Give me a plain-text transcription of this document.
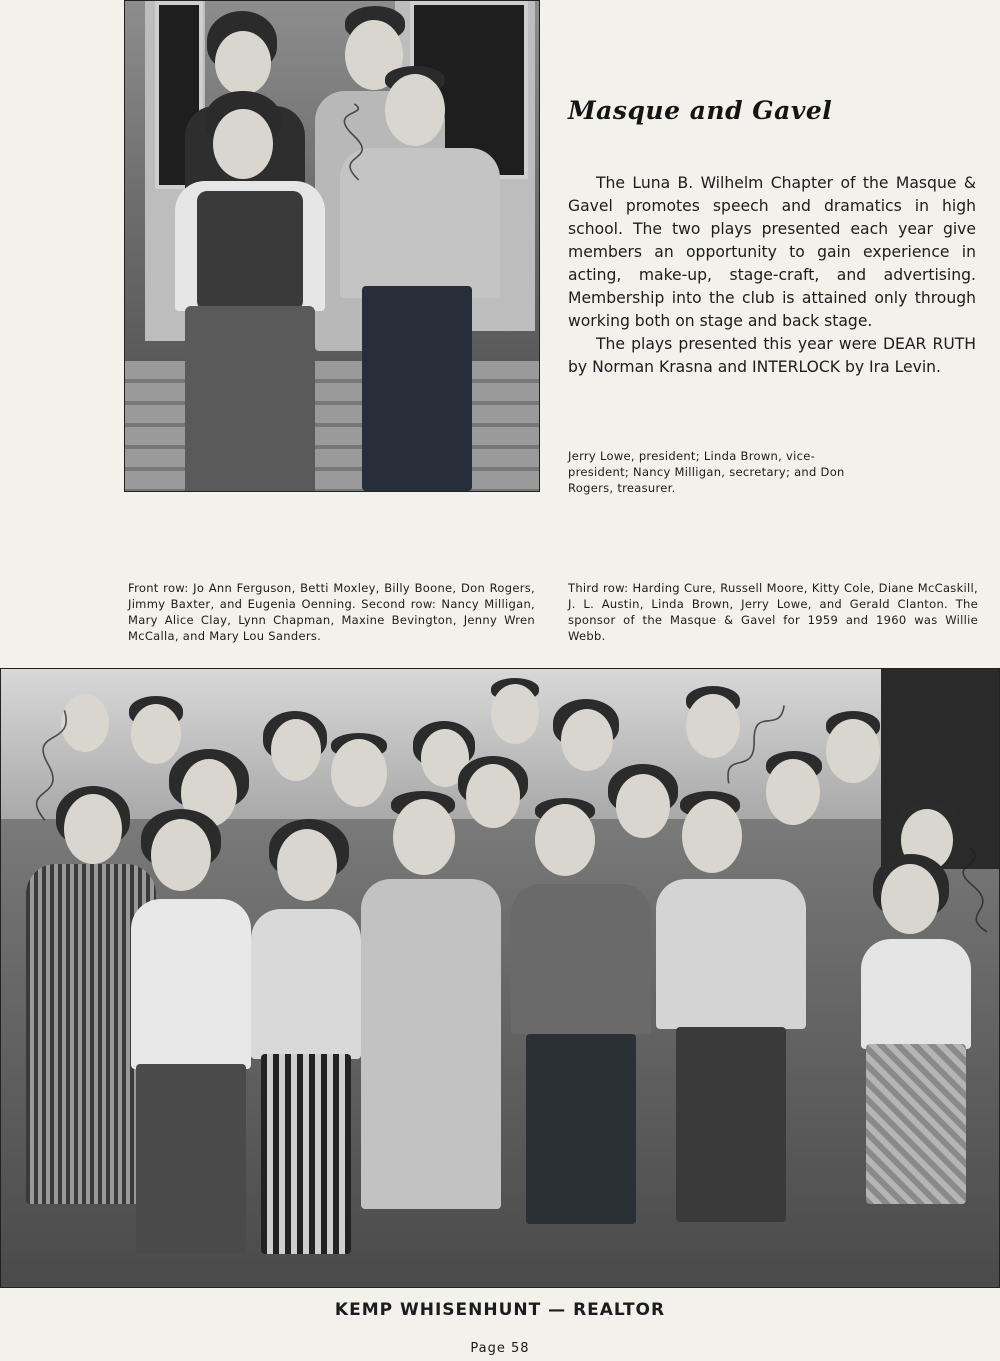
Masque and Gavel

The Luna B. Wilhelm Chapter of the Masque & Gavel promotes speech and dramatics in high school. The two plays presented each year give members an opportunity to gain experience in acting, make-up, stage-craft, and advertising. Membership into the club is attained only through working both on stage and back stage.

The plays presented this year were DEAR RUTH by Norman Krasna and INTERLOCK by Ira Levin.

Jerry Lowe, president; Linda Brown, vice-president; Nancy Milligan, secretary; and Don Rogers, treasurer.

Front row: Jo Ann Ferguson, Betti Moxley, Billy Boone, Don Rogers, Jimmy Baxter, and Eugenia Oenning. Second row: Nancy Milligan, Mary Alice Clay, Lynn Chapman, Maxine Bevington, Jenny Wren McCalla, and Mary Lou Sanders.

Third row: Harding Cure, Russell Moore, Kitty Cole, Diane McCaskill, J. L. Austin, Linda Brown, Jerry Lowe, and Gerald Clanton. The sponsor of the Masque & Gavel for 1959 and 1960 was Willie Webb.

KEMP WHISENHUNT — REALTOR

Page 58
